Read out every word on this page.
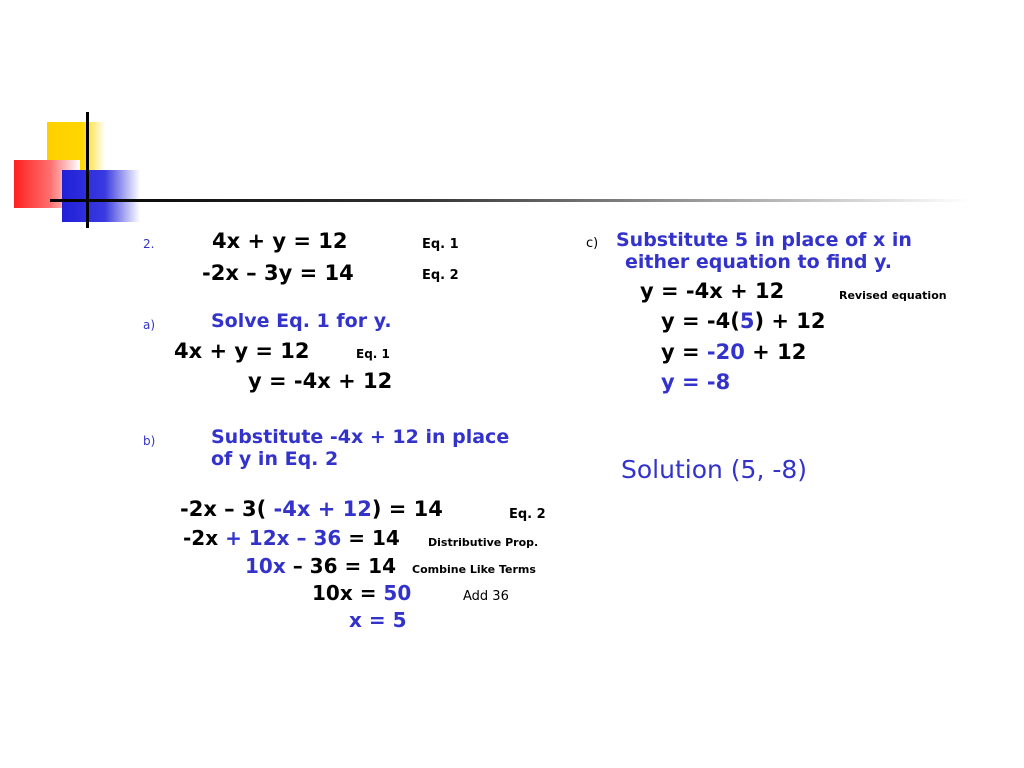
2.	4x + y = 12	Eq. 1
-2x – 3y = 14	Eq. 2
a)	Solve Eq. 1 for y.
4x + y = 12	Eq. 1
y = -4x + 12
b)	Substitute -4x + 12 in place
of y in Eq. 2
-2x – 3( -4x + 12) = 14	Eq. 2
-2x + 12x – 36 = 14	Distributive Prop.
10x – 36 = 14 Combine Like Terms
10x = 50	Add 36
x = 5
c) Substitute 5 in place of x in
either equation to find y.
y = -4x + 12	Revised equation
y = -4(5) + 12
y = -20 + 12
y = -8
Solution (5, -8)
